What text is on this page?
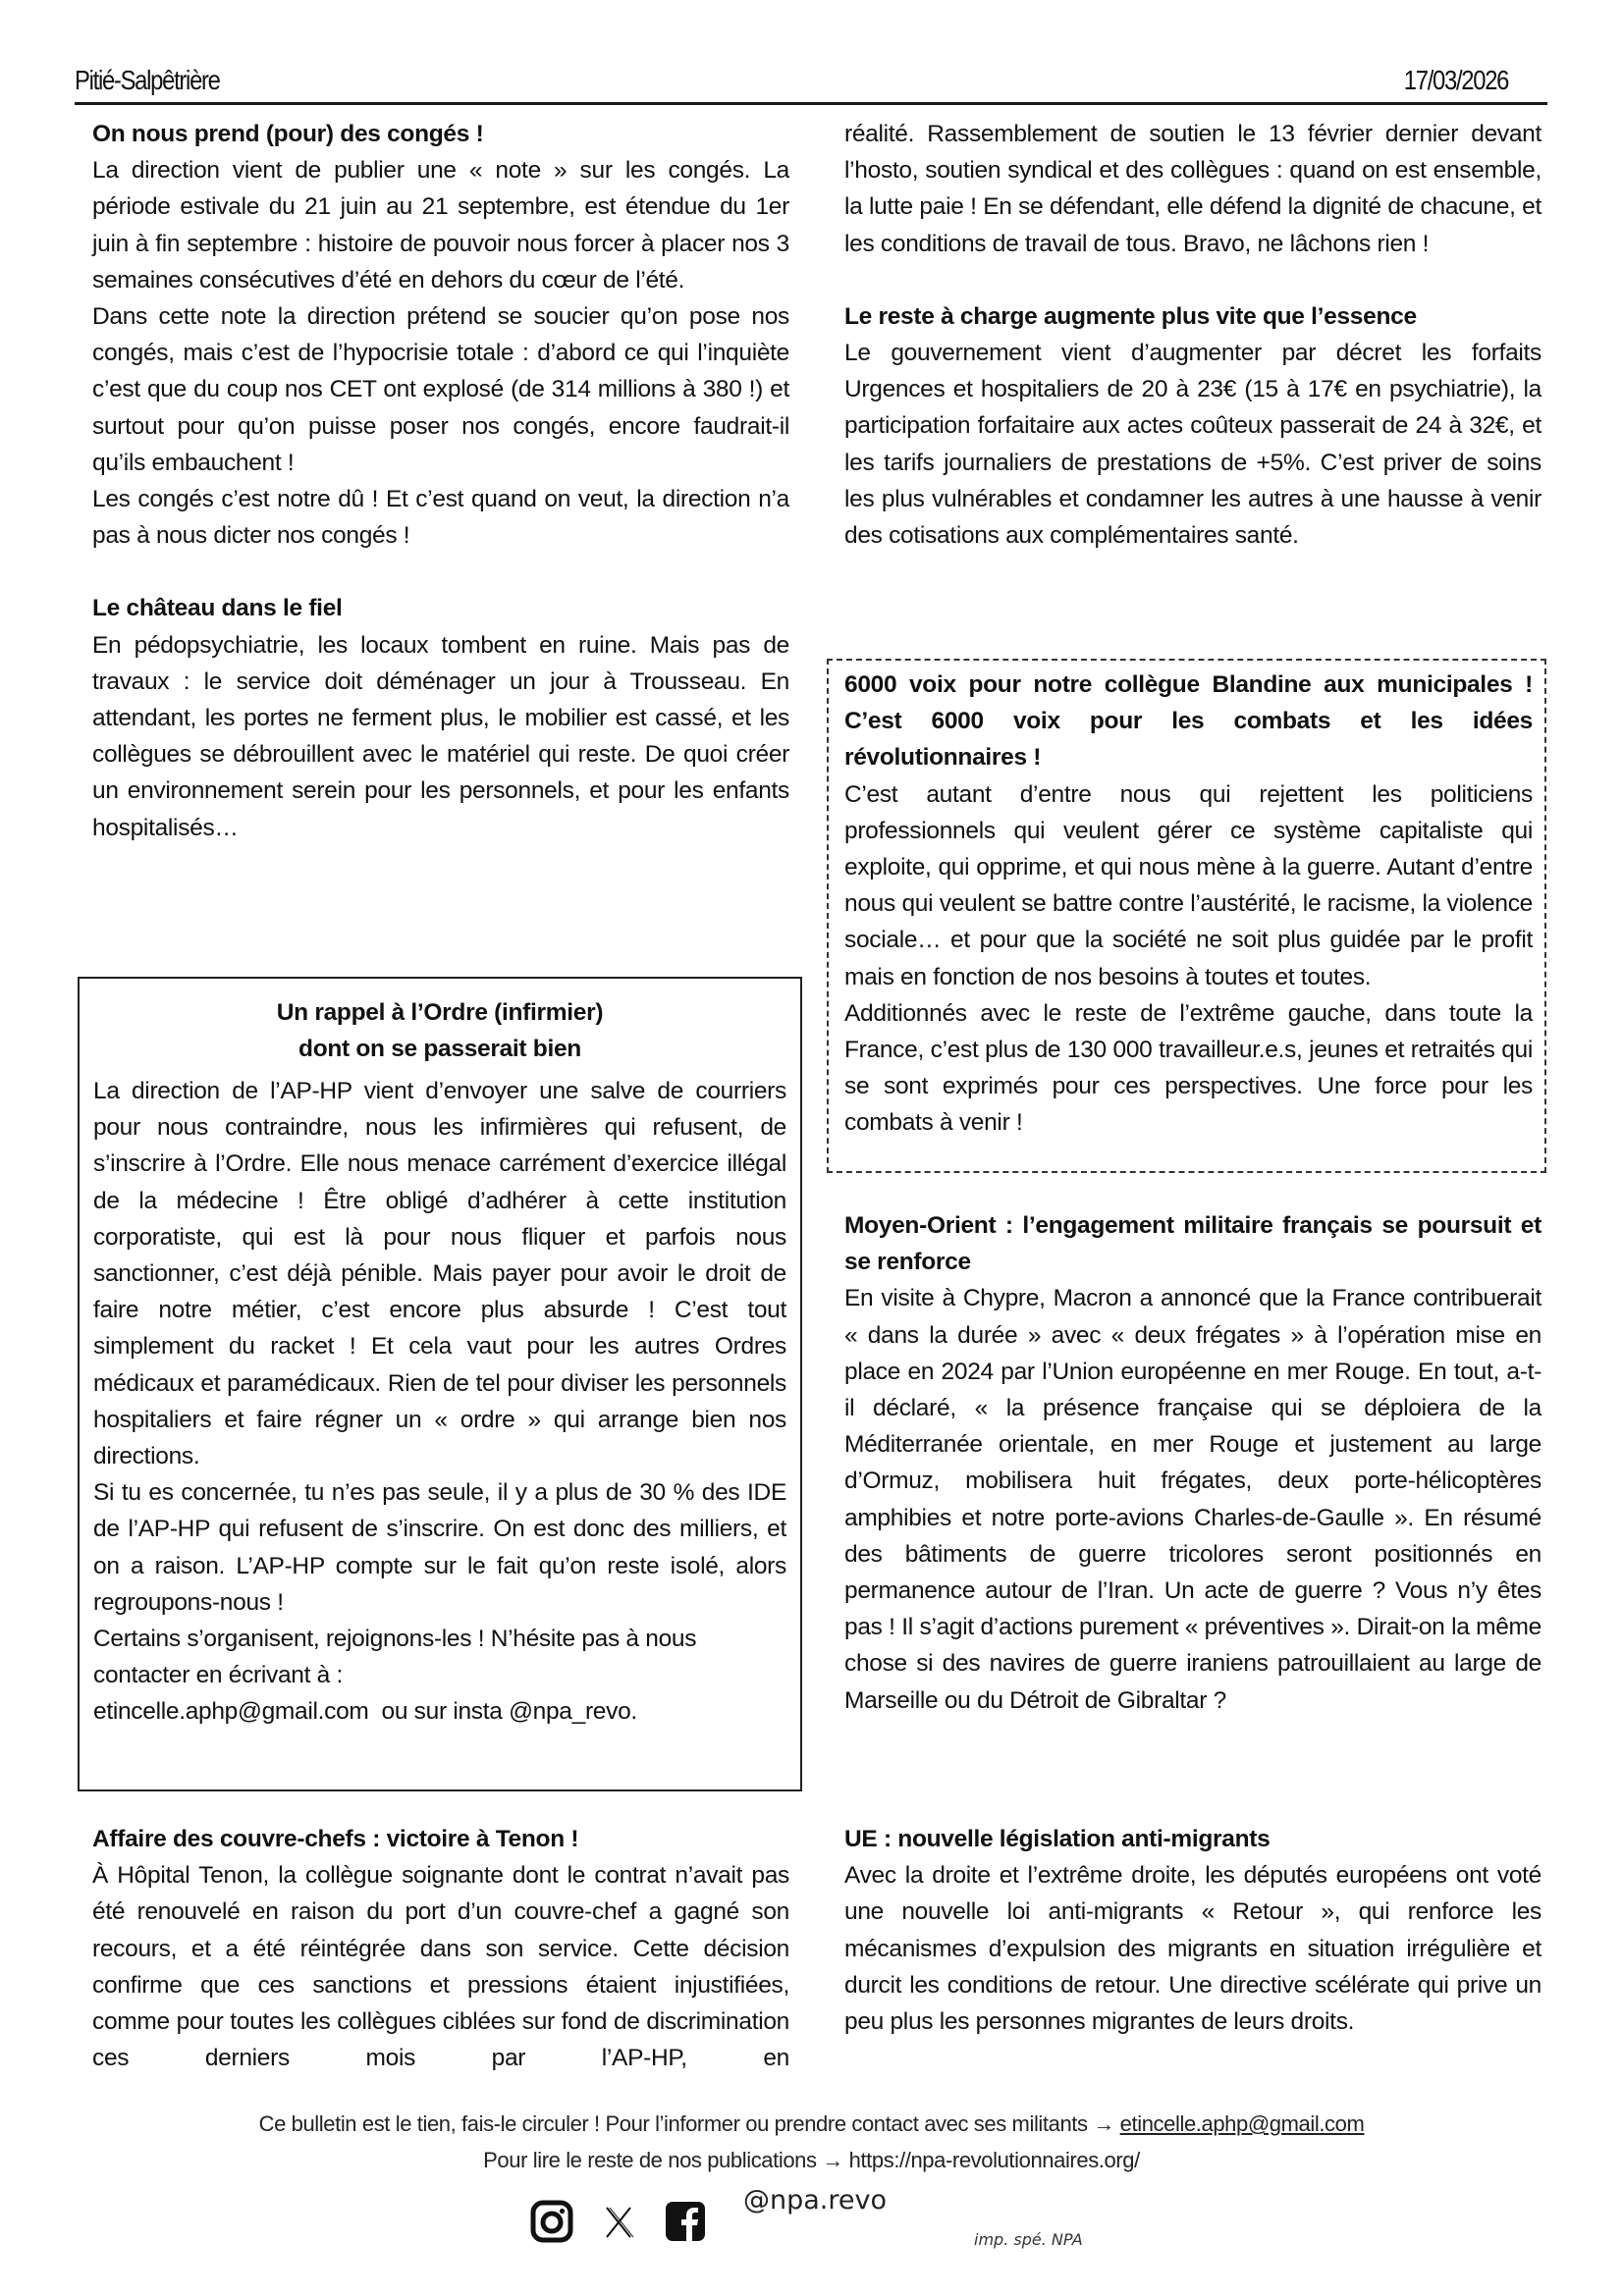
Pitié-Salpêtrière	17/03/2026
On nous prend (pour) des congés !

La direction vient de publier une « note » sur les congés. La période estivale du 21 juin au 21 septembre, est étendue du 1er juin à fin septembre : histoire de pouvoir nous forcer à placer nos 3 semaines consécutives d’été en dehors du cœur de l’été.

Dans cette note la direction prétend se soucier qu’on pose nos congés, mais c’est de l’hypocrisie totale : d’abord ce qui l’inquiète c’est que du coup nos CET ont explosé (de 314 millions à 380 !) et surtout pour qu’on puisse poser nos congés, encore faudrait-il qu’ils embauchent !

Les congés c’est notre dû ! Et c’est quand on veut, la direction n’a pas à nous dicter nos congés !

Le château dans le fiel

En pédopsychiatrie, les locaux tombent en ruine. Mais pas de travaux : le service doit déménager un jour à Trousseau. En attendant, les portes ne ferment plus, le mobilier est cassé, et les collègues se débrouillent avec le matériel qui reste. De quoi créer un environnement serein pour les personnels, et pour les enfants hospitalisés…

Un rappel à l’Ordre (infirmier)
dont on se passerait bien

La direction de l’AP-HP vient d’envoyer une salve de courriers pour nous contraindre, nous les infirmières qui refusent, de s’inscrire à l’Ordre. Elle nous menace carrément d’exercice illégal de la médecine ! Être obligé d’adhérer à cette institution corporatiste, qui est là pour nous fliquer et parfois nous sanctionner, c’est déjà pénible. Mais payer pour avoir le droit de faire notre métier, c’est encore plus absurde ! C’est tout simplement du racket ! Et cela vaut pour les autres Ordres médicaux et paramédicaux. Rien de tel pour diviser les personnels hospitaliers et faire régner un « ordre » qui arrange bien nos directions.

Si tu es concernée, tu n’es pas seule, il y a plus de 30 % des IDE de l’AP-HP qui refusent de s’inscrire. On est donc des milliers, et on a raison. L’AP-HP compte sur le fait qu’on reste isolé, alors regroupons-nous !

Certains s’organisent, rejoignons-les ! N’hésite pas à nous contacter en écrivant à :

etincelle.aphp@gmail.com  ou sur insta @npa_revo.

Affaire des couvre-chefs : victoire à Tenon !

À Hôpital Tenon, la collègue soignante dont le contrat n’avait pas été renouvelé en raison du port d’un couvre-chef a gagné son recours, et a été réintégrée dans son service. Cette décision confirme que ces sanctions et pressions étaient injustifiées, comme pour toutes les collègues ciblées sur fond de discrimination ces derniers mois par l’AP-HP, en

réalité. Rassemblement de soutien le 13 février dernier devant l’hosto, soutien syndical et des collègues : quand on est ensemble, la lutte paie ! En se défendant, elle défend la dignité de chacune, et les conditions de travail de tous. Bravo, ne lâchons rien !

Le reste à charge augmente plus vite que l’essence

Le gouvernement vient d’augmenter par décret les forfaits Urgences et hospitaliers de 20 à 23€ (15 à 17€ en psychiatrie), la participation forfaitaire aux actes coûteux passerait de 24 à 32€, et les tarifs journaliers de prestations de +5%. C’est priver de soins les plus vulnérables et condamner les autres à une hausse à venir des cotisations aux complémentaires santé.

6000 voix pour notre collègue Blandine aux municipales ! C’est 6000 voix pour les combats et les idées révolutionnaires !

C’est autant d’entre nous qui rejettent les politiciens professionnels qui veulent gérer ce système capitaliste qui exploite, qui opprime, et qui nous mène à la guerre. Autant d’entre nous qui veulent se battre contre l’austérité, le racisme, la violence sociale… et pour que la société ne soit plus guidée par le profit mais en fonction de nos besoins à toutes et toutes.

Additionnés avec le reste de l’extrême gauche, dans toute la France, c’est plus de 130 000 travailleur.e.s, jeunes et retraités qui se sont exprimés pour ces perspectives. Une force pour les combats à venir !

Moyen-Orient : l’engagement militaire français se poursuit et se renforce

En visite à Chypre, Macron a annoncé que la France contribuerait « dans la durée » avec « deux frégates » à l’opération mise en place en 2024 par l’Union européenne en mer Rouge. En tout, a-t-il déclaré, « la présence française qui se déploiera de la Méditerranée orientale, en mer Rouge et justement au large d’Ormuz, mobilisera huit frégates, deux porte-hélicoptères amphibies et notre porte-avions Charles-de-Gaulle ». En résumé des bâtiments de guerre tricolores seront positionnés en permanence autour de l’Iran. Un acte de guerre ? Vous n’y êtes pas ! Il s’agit d’actions purement « préventives ». Dirait-on la même chose si des navires de guerre iraniens patrouillaient au large de Marseille ou du Détroit de Gibraltar ?

UE : nouvelle législation anti-migrants

Avec la droite et l’extrême droite, les députés européens ont voté une nouvelle loi anti-migrants « Retour », qui renforce les mécanismes d’expulsion des migrants en situation irrégulière et durcit les conditions de retour. Une directive scélérate qui prive un peu plus les personnes migrantes de leurs droits.

Ce bulletin est le tien, fais-le circuler ! Pour l’informer ou prendre contact avec ses militants → etincelle.aphp@gmail.com
Pour lire le reste de nos publications → https://npa-revolutionnaires.org/
@npa.revo
imp. spé. NPA
